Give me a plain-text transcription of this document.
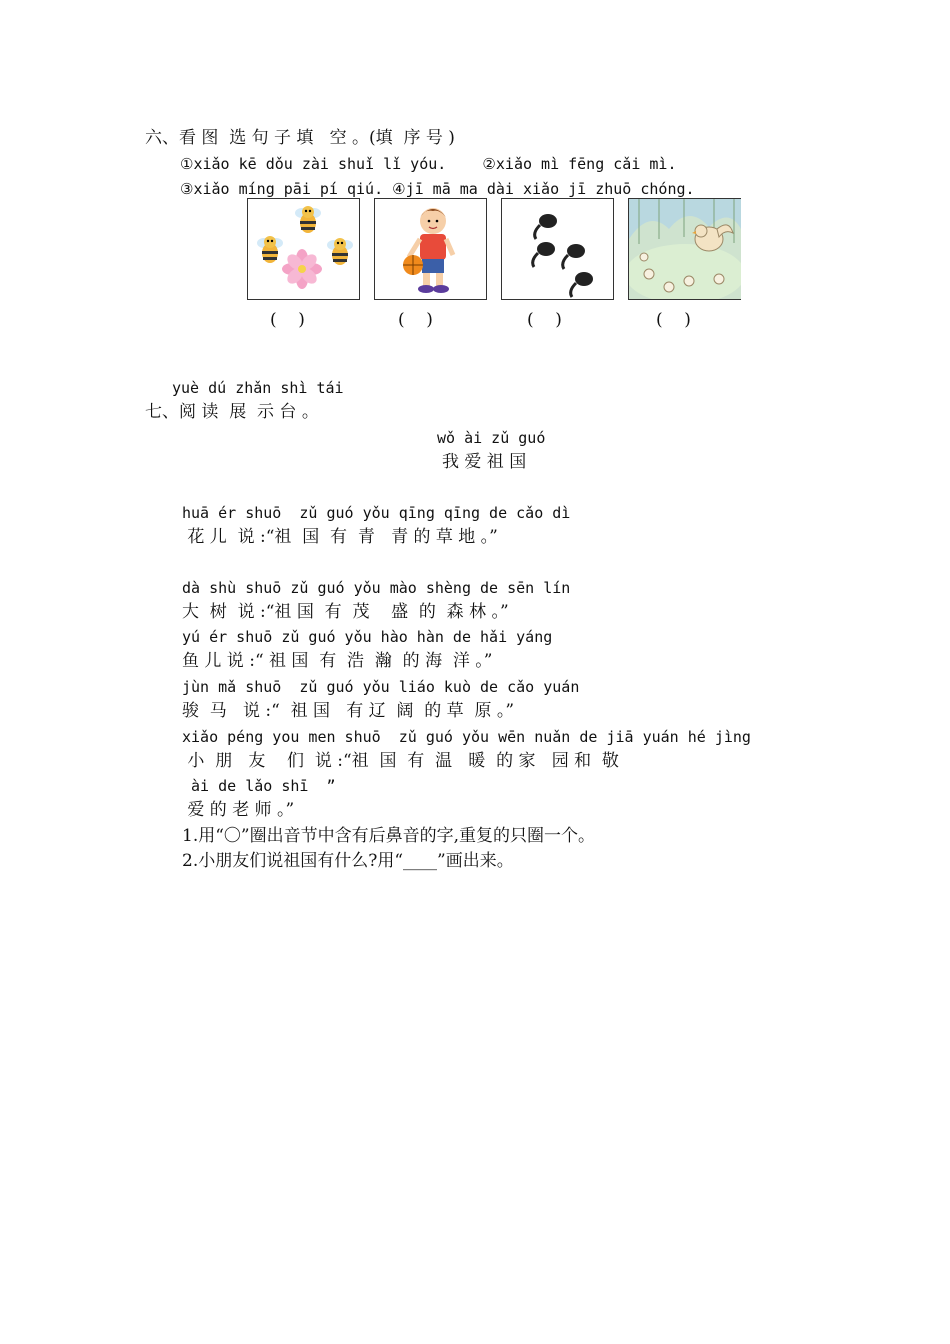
六、看 图  选 句 子 填   空 。(填  序 号 )
①xiǎo kē dǒu zài shuǐ lǐ yóu.    ②xiǎo mì fēng cǎi mì.
③xiǎo míng pāi pí qiú. ④jī mā ma dài xiǎo jī zhuō chóng.
(    )	(    )	(    )	(    )
yuè dú zhǎn shì tái
七、阅 读  展  示 台 。
wǒ ài zǔ guó
我 爱 祖 国
huā ér shuō  zǔ guó yǒu qīng qīng de cǎo dì
花 儿  说 :“祖  国  有  青   青 的 草 地 。”
dà shù shuō zǔ guó yǒu mào shèng de sēn lín
大  树  说 :“祖 国  有  茂    盛  的  森 林 。”
yú ér shuō zǔ guó yǒu hào hàn de hǎi yáng
鱼 儿 说 :“ 祖 国  有  浩  瀚  的 海  洋 。”
jùn mǎ shuō  zǔ guó yǒu liáo kuò de cǎo yuán
骏  马   说 :“  祖 国   有 辽  阔  的 草  原 。”
xiǎo péng you men shuō  zǔ guó yǒu wēn nuǎn de jiā yuán hé jìng
小  朋   友    们  说 :“祖  国  有  温   暖  的 家   园 和  敬
ài de lǎo shī  ”
爱 的 老 师 。”
1.用“〇”圈出音节中含有后鼻音的字,重复的只圈一个。
2.小朋友们说祖国有什么?用“____”画出来。
